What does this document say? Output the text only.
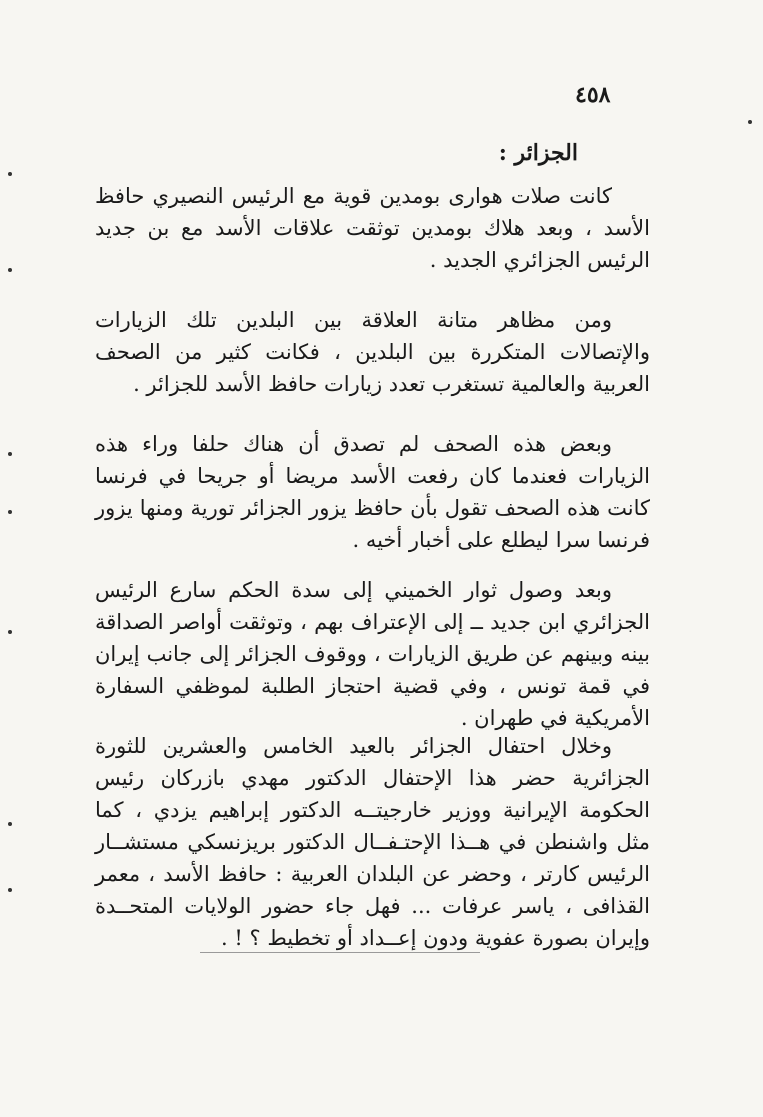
٤٥٨
الجزائر :
كانت صلات هوارى بومدين قوية مع الرئيس النصيري حافظ الأسد ، وبعد هلاك بومدين توثقت علاقات الأسد مع بن جديد الرئيس الجزائري الجديد .
ومن مظاهر متانة العلاقة بين البلدين تلك الزيارات والإتصالات المتكررة بين البلدين ، فكانت كثير من الصحف العربية والعالمية تستغرب تعدد زيارات حافظ الأسد للجزائر .
وبعض هذه الصحف لم تصدق أن هناك حلفا وراء هذه الزيارات فعندما كان رفعت الأسد مريضا أو جريحا في فرنسا كانت هذه الصحف تقول بأن حافظ يزور الجزائر تورية ومنها يزور فرنسا سرا ليطلع على أخبار أخيه .
وبعد وصول ثوار الخميني إلى سدة الحكم سارع الرئيس الجزائري ابن جديد ــ إلى الإعتراف بهم ، وتوثقت أواصر الصداقة بينه وبينهم عن طريق الزيارات ، ووقوف الجزائر إلى جانب إيران في قمة تونس ، وفي قضية احتجاز الطلبة لموظفي السفارة الأمريكية في طهران .
وخلال احتفال الجزائر بالعيد الخامس والعشرين للثورة الجزائرية حضر هذا الإحتفال الدكتور مهدي بازركان رئيس الحكومة الإيرانية ووزير خارجيتــه الدكتور إبراهيم يزدي ، كما مثل واشنطن في هــذا الإحتـفــال الدكتور بريزنسكي مستشــار الرئيس كارتر ، وحضر عن البلدان العربية : حافظ الأسد ، معمر القذافى ، ياسر عرفات ... فهل جاء حضور الولايات المتحــدة وإيران بصورة عفوية ودون إعــداد أو تخطيط ؟ ! .
